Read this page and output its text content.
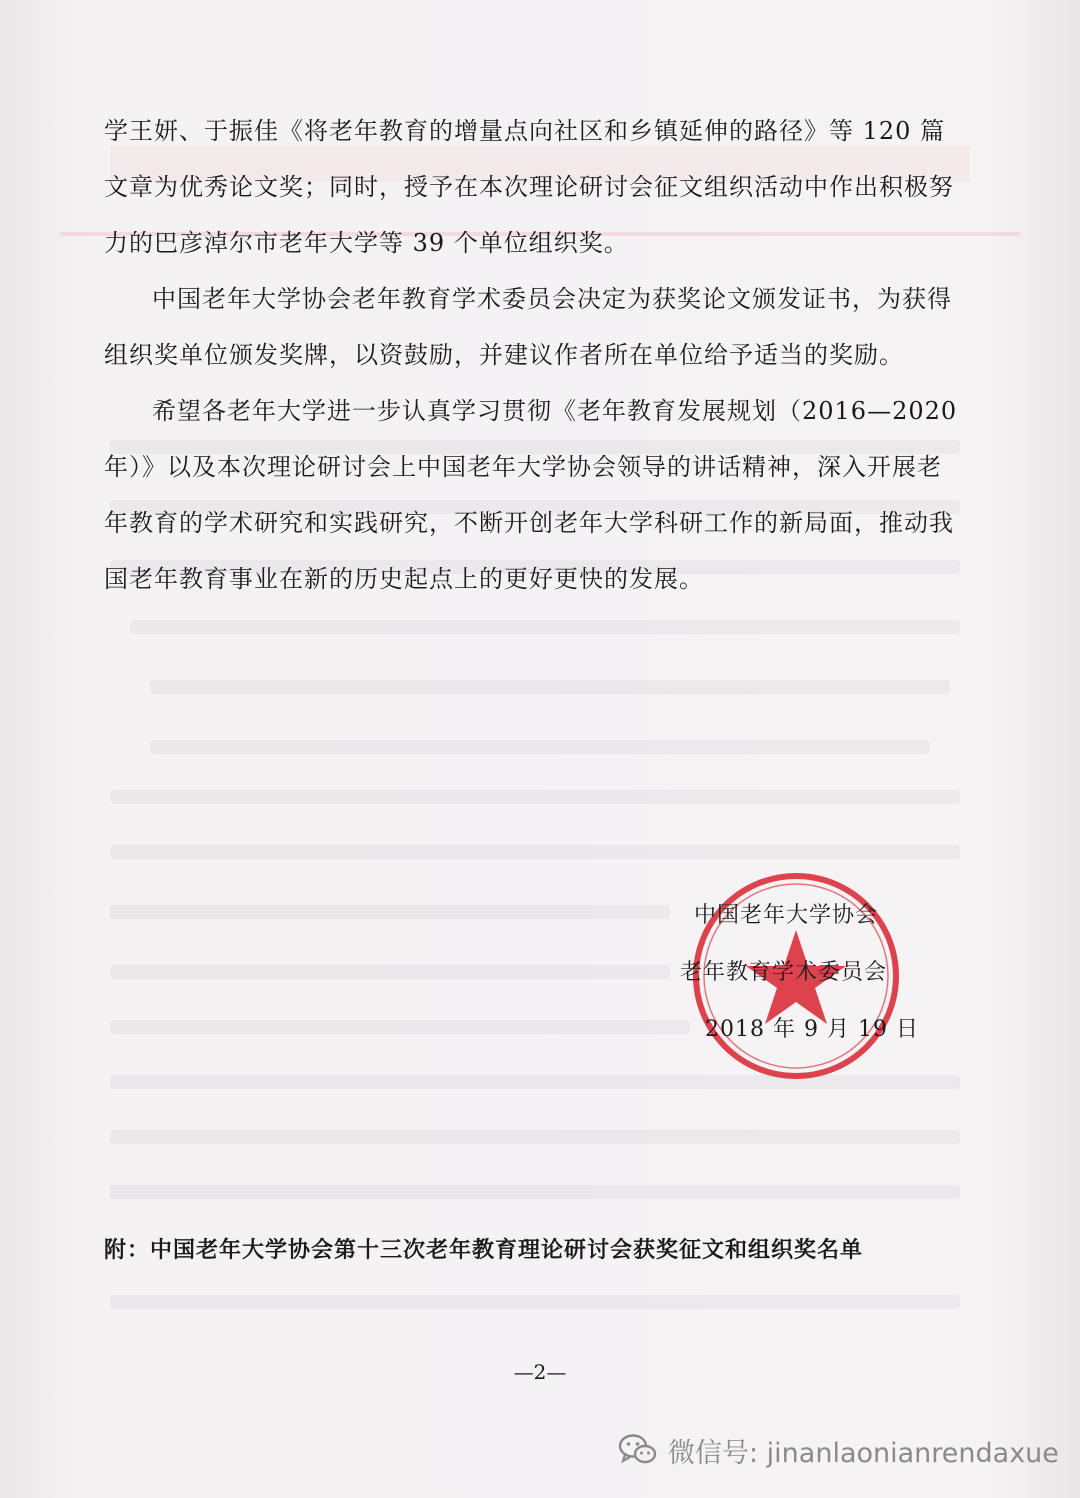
学王妍、于振佳《将老年教育的增量点向社区和乡镇延伸的路径》等 120 篇文章为优秀论文奖；同时，授予在本次理论研讨会征文组织活动中作出积极努力的巴彦淖尔市老年大学等 39 个单位组织奖。

中国老年大学协会老年教育学术委员会决定为获奖论文颁发证书，为获得组织奖单位颁发奖牌，以资鼓励，并建议作者所在单位给予适当的奖励。

希望各老年大学进一步认真学习贯彻《老年教育发展规划（2016—2020 年）》以及本次理论研讨会上中国老年大学协会领导的讲话精神，深入开展老年教育的学术研究和实践研究，不断开创老年大学科研工作的新局面，推动我国老年教育事业在新的历史起点上的更好更快的发展。

中国老年大学协会
老年教育学术委员会
2018 年 9 月 19 日
附：中国老年大学协会第十三次老年教育理论研讨会获奖征文和组织奖名单
—2—
微信号: jinanlaonianrendaxue
